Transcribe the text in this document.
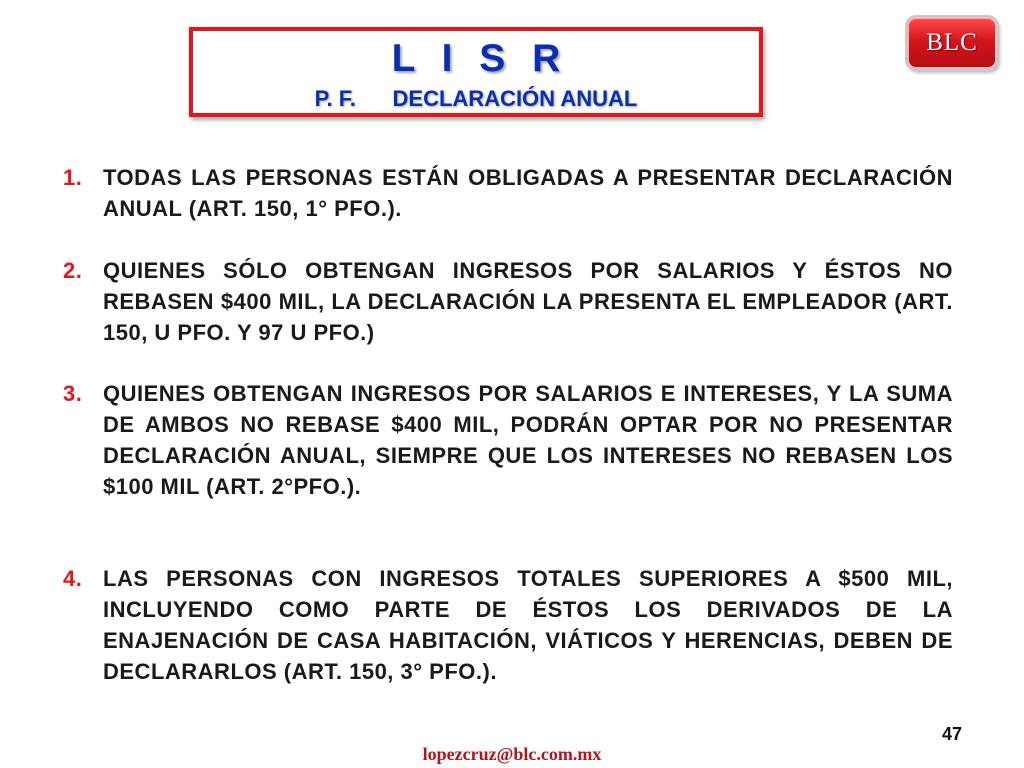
L I S R
P. F.      DECLARACIÓN ANUAL
BLC
1. TODAS LAS PERSONAS ESTÁN OBLIGADAS A PRESENTAR DECLARACIÓN ANUAL (ART. 150, 1° PFO.).
2. QUIENES SÓLO OBTENGAN INGRESOS POR SALARIOS Y ÉSTOS NO REBASEN $400 MIL, LA DECLARACIÓN LA PRESENTA EL EMPLEADOR (ART. 150, U PFO. Y 97 U PFO.)
3. QUIENES OBTENGAN INGRESOS POR SALARIOS E INTERESES, Y LA SUMA DE AMBOS NO REBASE $400 MIL, PODRÁN OPTAR POR NO PRESENTAR DECLARACIÓN ANUAL, SIEMPRE QUE LOS INTERESES NO REBASEN LOS $100 MIL (ART. 2°PFO.).
4. LAS PERSONAS CON INGRESOS TOTALES SUPERIORES A $500 MIL, INCLUYENDO COMO PARTE DE ÉSTOS LOS DERIVADOS DE LA ENAJENACIÓN DE CASA HABITACIÓN, VIÁTICOS Y HERENCIAS, DEBEN DE DECLARARLOS (ART. 150, 3° PFO.).
47
lopezcruz@blc.com.mx
